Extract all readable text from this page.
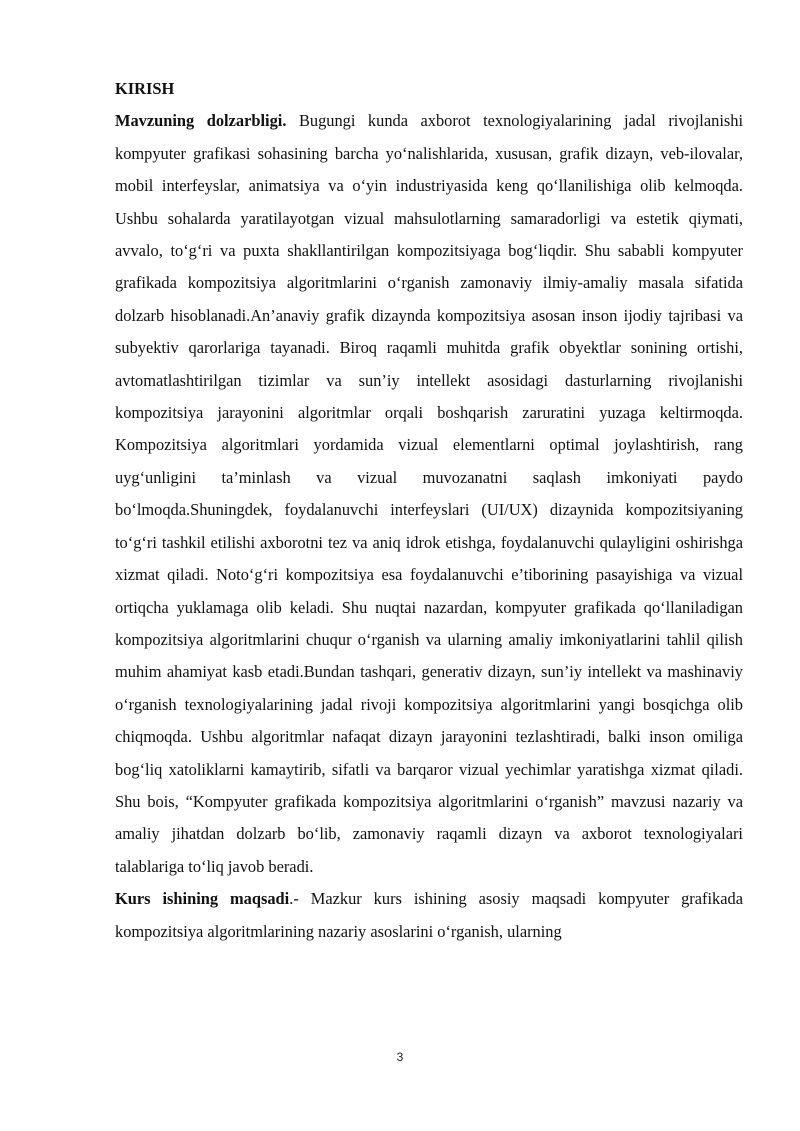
KIRISH

Mavzuning dolzarbligi. Bugungi kunda axborot texnologiyalarining jadal rivojlanishi kompyuter grafikasi sohasining barcha yo‘nalishlarida, xususan, grafik dizayn, veb-ilovalar, mobil interfeyslar, animatsiya va o‘yin industriyasida keng qo‘llanilishiga olib kelmoqda. Ushbu sohalarda yaratilayotgan vizual mahsulotlarning samaradorligi va estetik qiymati, avvalo, to‘g‘ri va puxta shakllantirilgan kompozitsiyaga bog‘liqdir. Shu sababli kompyuter grafikada kompozitsiya algoritmlarini o‘rganish zamonaviy ilmiy-amaliy masala sifatida dolzarb hisoblanadi.An’anaviy grafik dizaynda kompozitsiya asosan inson ijodiy tajribasi va subyektiv qarorlariga tayanadi. Biroq raqamli muhitda grafik obyektlar sonining ortishi, avtomatlashtirilgan tizimlar va sun’iy intellekt asosidagi dasturlarning rivojlanishi kompozitsiya jarayonini algoritmlar orqali boshqarish zaruratini yuzaga keltirmoqda. Kompozitsiya algoritmlari yordamida vizual elementlarni optimal joylashtirish, rang uyg‘unligini ta’minlash va vizual muvozanatni saqlash imkoniyati paydo bo‘lmoqda.Shuningdek, foydalanuvchi interfeyslari (UI/UX) dizaynida kompozitsiyaning to‘g‘ri tashkil etilishi axborotni tez va aniq idrok etishga, foydalanuvchi qulayligini oshirishga xizmat qiladi. Noto‘g‘ri kompozitsiya esa foydalanuvchi e’tiborining pasayishiga va vizual ortiqcha yuklamaga olib keladi. Shu nuqtai nazardan, kompyuter grafikada qo‘llaniladigan kompozitsiya algoritmlarini chuqur o‘rganish va ularning amaliy imkoniyatlarini tahlil qilish muhim ahamiyat kasb etadi.Bundan tashqari, generativ dizayn, sun’iy intellekt va mashinaviy o‘rganish texnologiyalarining jadal rivoji kompozitsiya algoritmlarini yangi bosqichga olib chiqmoqda. Ushbu algoritmlar nafaqat dizayn jarayonini tezlashtiradi, balki inson omiliga bog‘liq xatoliklarni kamaytirib, sifatli va barqaror vizual yechimlar yaratishga xizmat qiladi. Shu bois, “Kompyuter grafikada kompozitsiya algoritmlarini o‘rganish” mavzusi nazariy va amaliy jihatdan dolzarb bo‘lib, zamonaviy raqamli dizayn va axborot texnologiyalari talablariga to‘liq javob beradi.

Kurs ishining maqsadi.- Mazkur kurs ishining asosiy maqsadi kompyuter grafikada kompozitsiya algoritmlarining nazariy asoslarini o‘rganish, ularning

3
